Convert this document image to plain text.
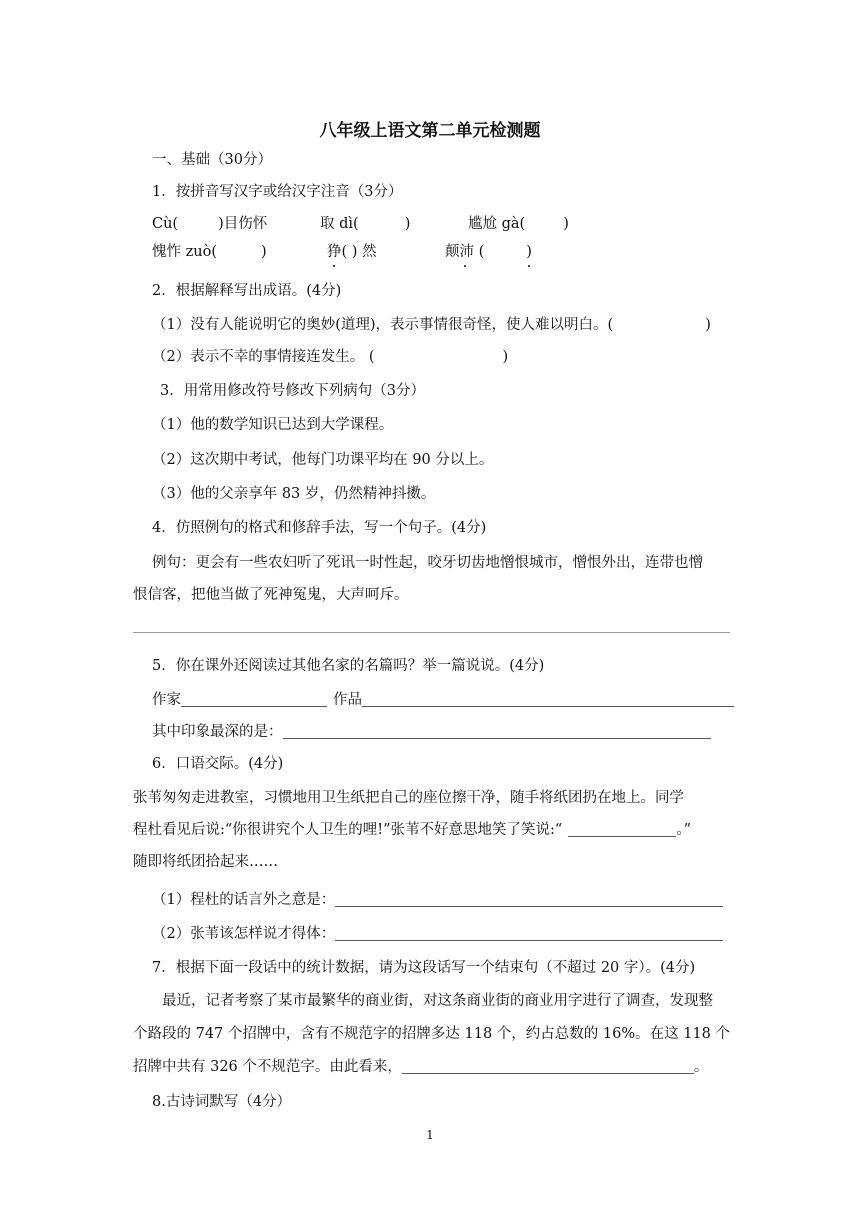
八年级上语文第二单元检测题
一、基础（30分）
1．按拼音写汉字或给汉字注音（3分）
Cù(	)目伤怀	取 dì(	)	尴尬 gà(	)
愧怍 zuò(	)	狰( ) 然	颠沛 (	)
2．根据解释写出成语。(4分)
（1）没有人能说明它的奥妙(道理)，表示事情很奇怪，使人难以明白。(	)
（2）表示不幸的事情接连发生。 (	)
3．用常用修改符号修改下列病句（3分）
（1）他的数学知识已达到大学课程。
（2）这次期中考试，他每门功课平均在 90 分以上。
（3）他的父亲享年 83 岁，仍然精神抖擞。
4．仿照例句的格式和修辞手法，写一个句子。(4分)
例句：更会有一些农妇听了死讯一时性起，咬牙切齿地憎恨城市，憎恨外出，连带也憎
恨信客，把他当做了死神冤鬼，大声呵斥。
5．你在课外还阅读过其他名家的名篇吗？举一篇说说。(4分)
作家	作品
其中印象最深的是：
6．口语交际。(4分)
张苇匆匆走进教室，习惯地用卫生纸把自己的座位擦干净，随手将纸团扔在地上。同学
程杜看见后说:“你很讲究个人卫生的哩!”张苇不好意思地笑了笑说:“	。”
随即将纸团拾起来……
（1）程杜的话言外之意是：
（2）张苇该怎样说才得体：
7．根据下面一段话中的统计数据，请为这段话写一个结束句（不超过 20 字）。(4分)
最近，记者考察了某市最繁华的商业街，对这条商业街的商业用字进行了调查，发现整
个路段的 747 个招牌中，含有不规范字的招牌多达 118 个，约占总数的 16%。在这 118 个
招牌中共有 326 个不规范字。由此看来，	。
8.古诗词默写（4分）
1
